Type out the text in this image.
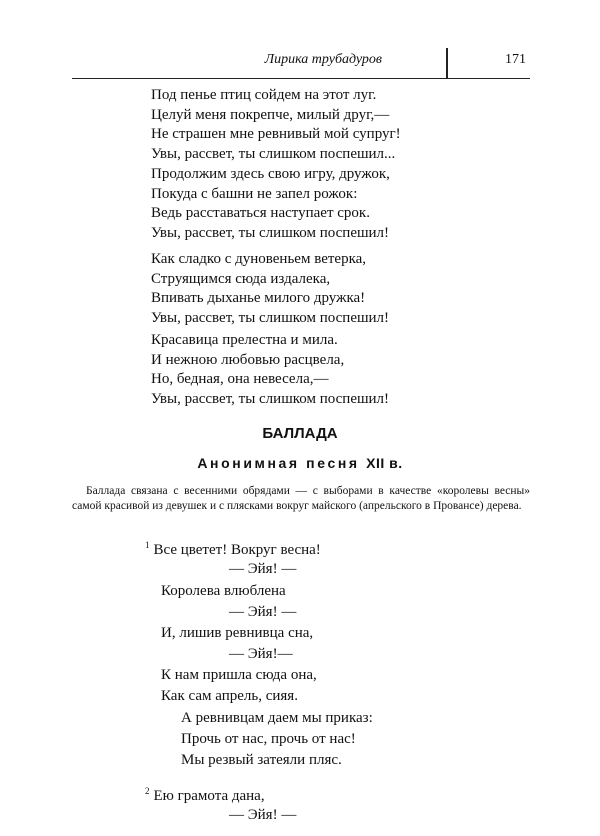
Лирика трубадуров	171
Под пенье птиц сойдем на этот луг.
Целуй меня покрепче, милый друг,—
Не страшен мне ревнивый мой супруг!
Увы, рассвет, ты слишком поспешил...
Продолжим здесь свою игру, дружок,
Покуда с башни не запел рожок:
Ведь расставаться наступает срок.
Увы, рассвет, ты слишком поспешил!
Как сладко с дуновеньем ветерка,
Струящимся сюда издалека,
Впивать дыханье милого дружка!
Увы, рассвет, ты слишком поспешил!
Красавица прелестна и мила.
И нежною любовью расцвела,
Но, бедная, она невесела,—
Увы, рассвет, ты слишком поспешил!
БАЛЛАДА
Анонимная песня XII в.
Баллада связана с весенними обрядами — с выборами в качестве «королевы весны» самой красивой из девушек и с плясками вокруг майского (апрельского в Провансе) дерева.
$^1$ Все цветет! Вокруг весна!
— Эйя! —
Королева влюблена
— Эйя! —
И, лишив ревнивца сна,
— Эйя!—
К нам пришла сюда она,
Как сам апрель, сияя.
А ревнивцам даем мы приказ:
Прочь от нас, прочь от нас!
Мы резвый затеяли пляс.
$^2$ Ею грамота дана,
— Эйя! —
